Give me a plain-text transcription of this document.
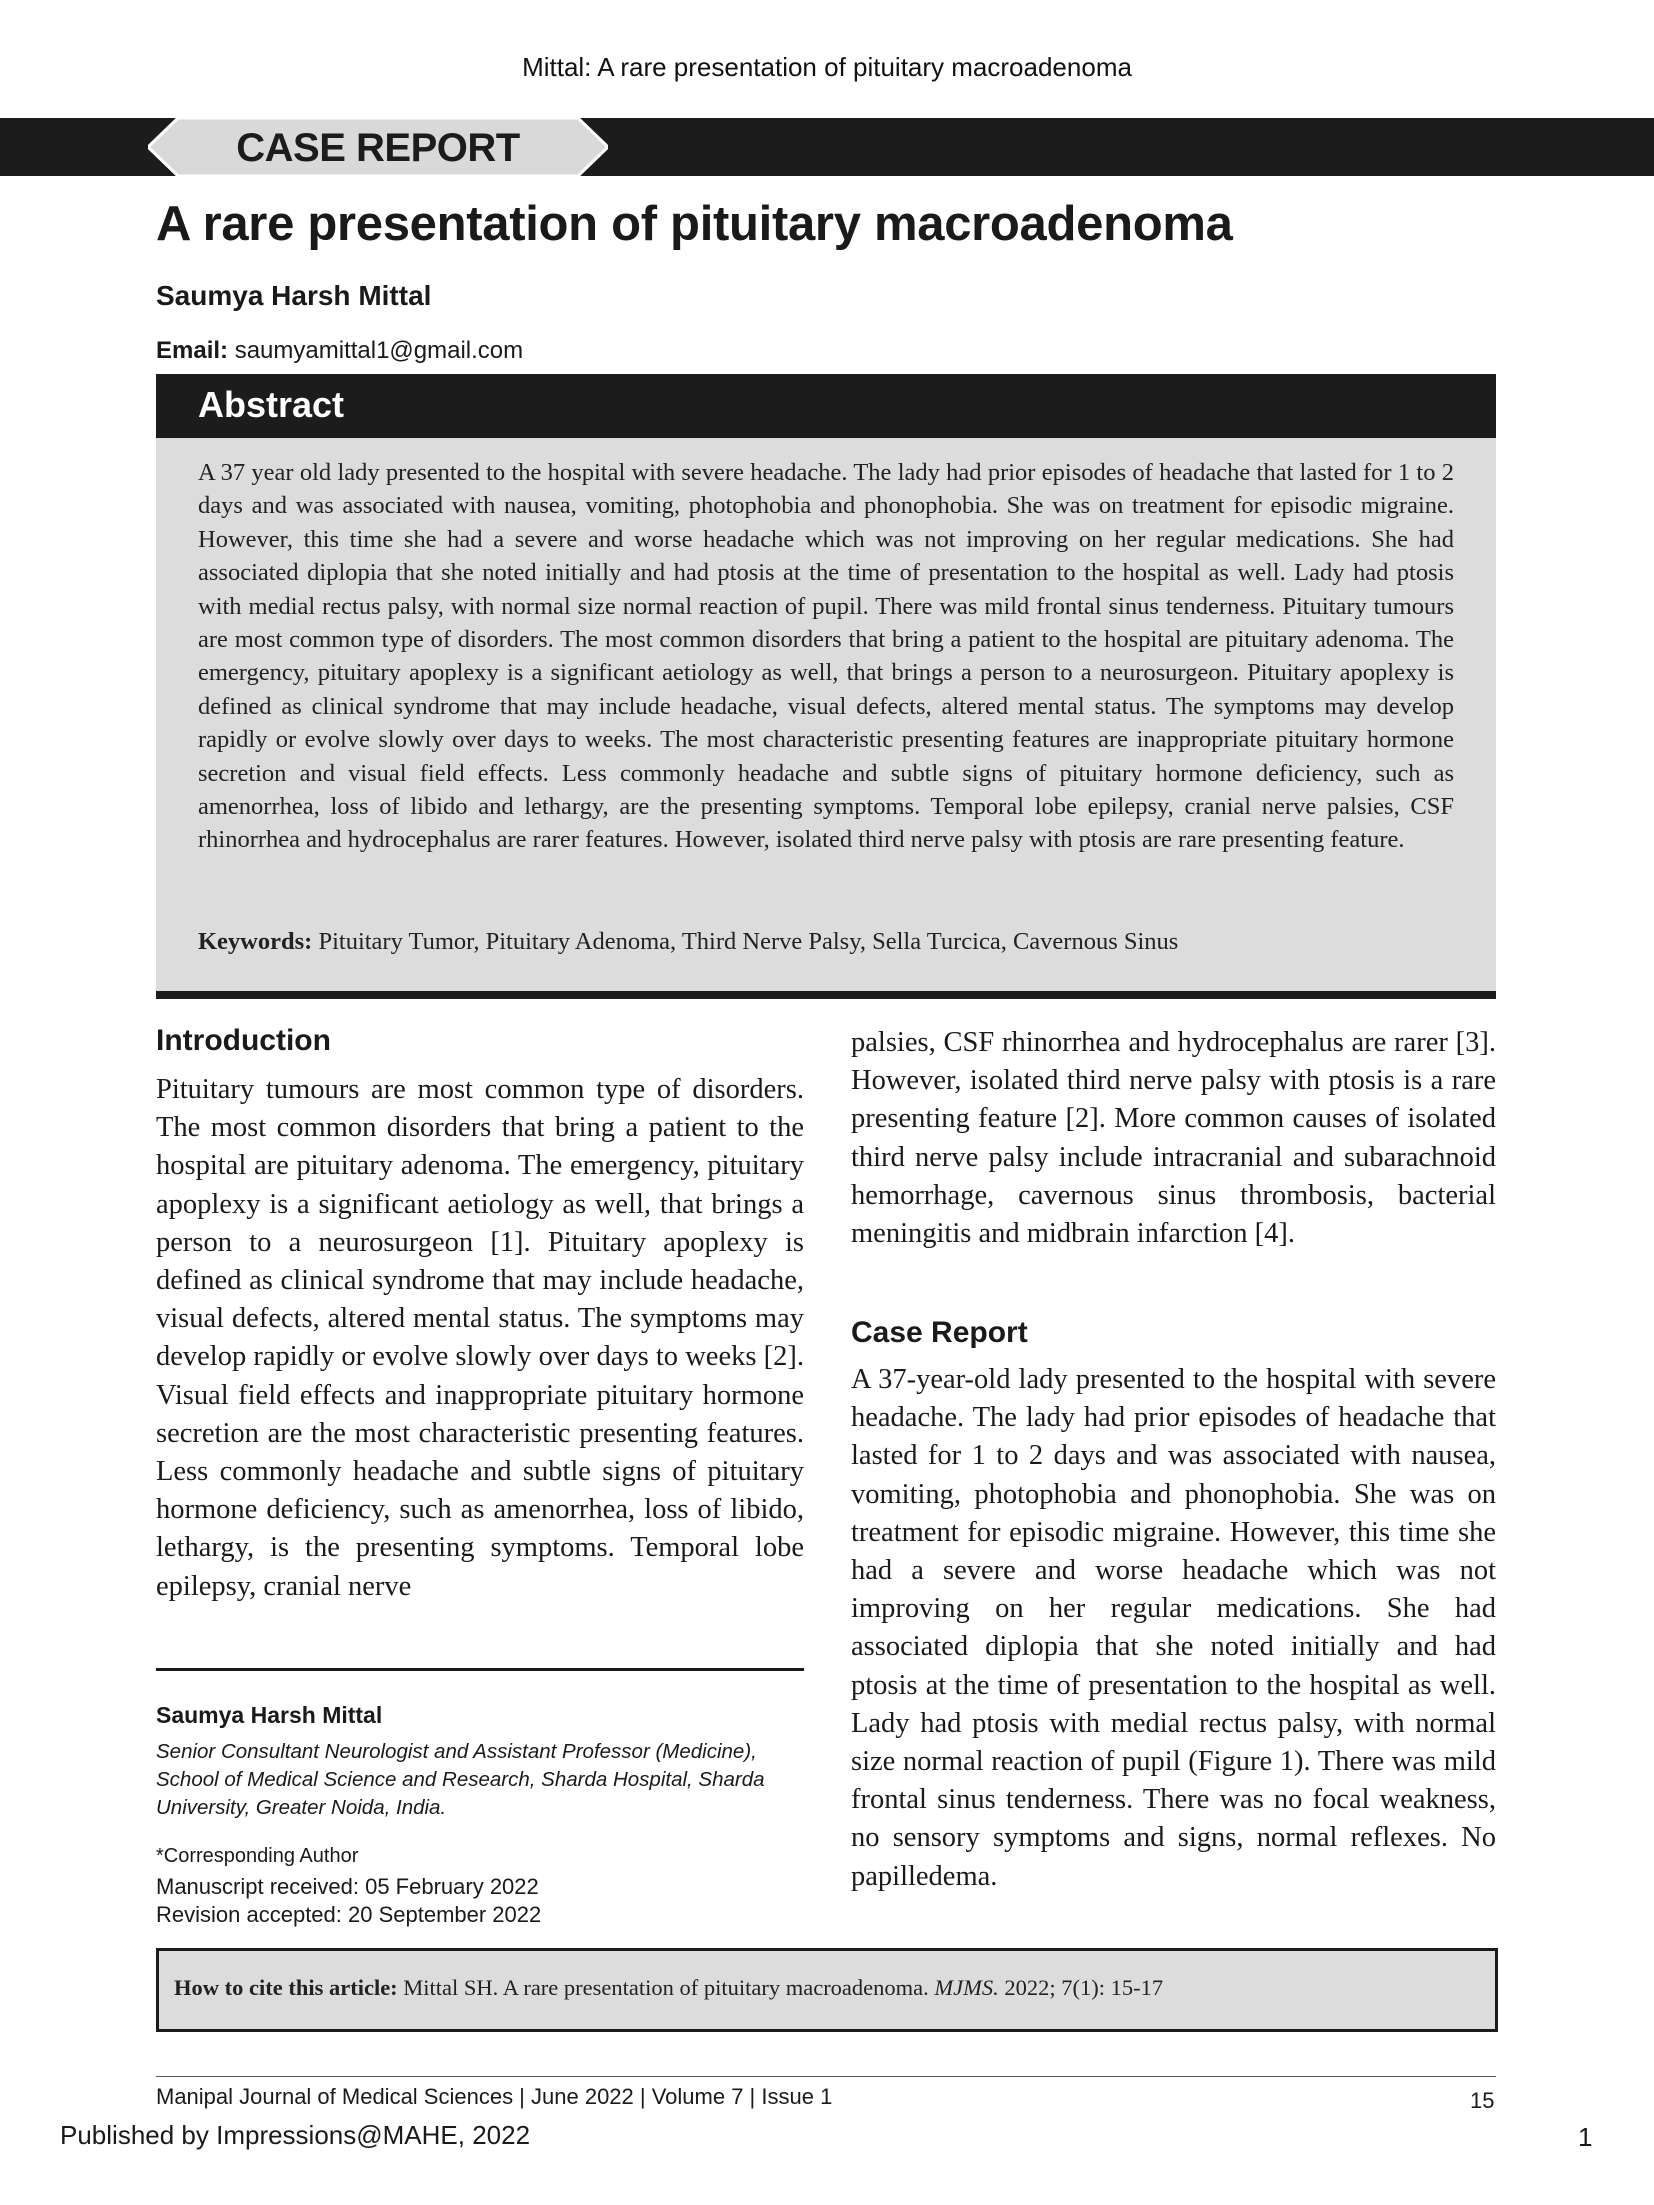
Mittal: A rare presentation of pituitary macroadenoma
CASE REPORT
A rare presentation of pituitary macroadenoma
Saumya Harsh Mittal
Email: saumyamittal1@gmail.com
Abstract
A 37 year old lady presented to the hospital with severe headache. The lady had prior episodes of headache that lasted for 1 to 2 days and was associated with nausea, vomiting, photophobia and phonophobia. She was on treatment for episodic migraine. However, this time she had a severe and worse headache which was not improving on her regular medications. She had associated diplopia that she noted initially and had ptosis at the time of presentation to the hospital as well. Lady had ptosis with medial rectus palsy, with normal size normal reaction of pupil. There was mild frontal sinus tenderness. Pituitary tumours are most common type of disorders. The most common disorders that bring a patient to the hospital are pituitary adenoma. The emergency, pituitary apoplexy is a significant aetiology as well, that brings a person to a neurosurgeon. Pituitary apoplexy is defined as clinical syndrome that may include headache, visual defects, altered mental status. The symptoms may develop rapidly or evolve slowly over days to weeks. The most characteristic presenting features are inappropriate pituitary hormone secretion and visual field effects. Less commonly headache and subtle signs of pituitary hormone deficiency, such as amenorrhea, loss of libido and lethargy, are the presenting symptoms. Temporal lobe epilepsy, cranial nerve palsies, CSF rhinorrhea and hydrocephalus are rarer features. However, isolated third nerve palsy with ptosis are rare presenting feature.
Keywords: Pituitary Tumor, Pituitary Adenoma, Third Nerve Palsy, Sella Turcica, Cavernous Sinus
Introduction
Pituitary tumours are most common type of disorders. The most common disorders that bring a patient to the hospital are pituitary adenoma. The emergency, pituitary apoplexy is a significant aetiology as well, that brings a person to a neurosurgeon [1]. Pituitary apoplexy is defined as clinical syndrome that may include headache, visual defects, altered mental status. The symptoms may develop rapidly or evolve slowly over days to weeks [2]. Visual field effects and inappropriate pituitary hormone secretion are the most characteristic presenting features. Less commonly headache and subtle signs of pituitary hormone deficiency, such as amenorrhea, loss of libido, lethargy, is the presenting symptoms. Temporal lobe epilepsy, cranial nerve
Saumya Harsh Mittal
Senior Consultant Neurologist and Assistant Professor (Medicine), School of Medical Science and Research, Sharda Hospital, Sharda University, Greater Noida, India.
*Corresponding Author
Manuscript received: 05 February 2022
Revision accepted: 20 September 2022
palsies, CSF rhinorrhea and hydrocephalus are rarer [3]. However, isolated third nerve palsy with ptosis is a rare presenting feature [2]. More common causes of isolated third nerve palsy include intracranial and subarachnoid hemorrhage, cavernous sinus thrombosis, bacterial meningitis and midbrain infarction [4].
Case Report
A 37-year-old lady presented to the hospital with severe headache. The lady had prior episodes of headache that lasted for 1 to 2 days and was associated with nausea, vomiting, photophobia and phonophobia. She was on treatment for episodic migraine. However, this time she had a severe and worse headache which was not improving on her regular medications. She had associated diplopia that she noted initially and had ptosis at the time of presentation to the hospital as well. Lady had ptosis with medial rectus palsy, with normal size normal reaction of pupil (Figure 1). There was mild frontal sinus tenderness. There was no focal weakness, no sensory symptoms and signs, normal reflexes. No papilledema.
How to cite this article: Mittal SH. A rare presentation of pituitary macroadenoma. MJMS. 2022; 7(1): 15-17
Manipal Journal of Medical Sciences | June 2022 | Volume 7 | Issue 1	15
Published by Impressions@MAHE, 2022	1
